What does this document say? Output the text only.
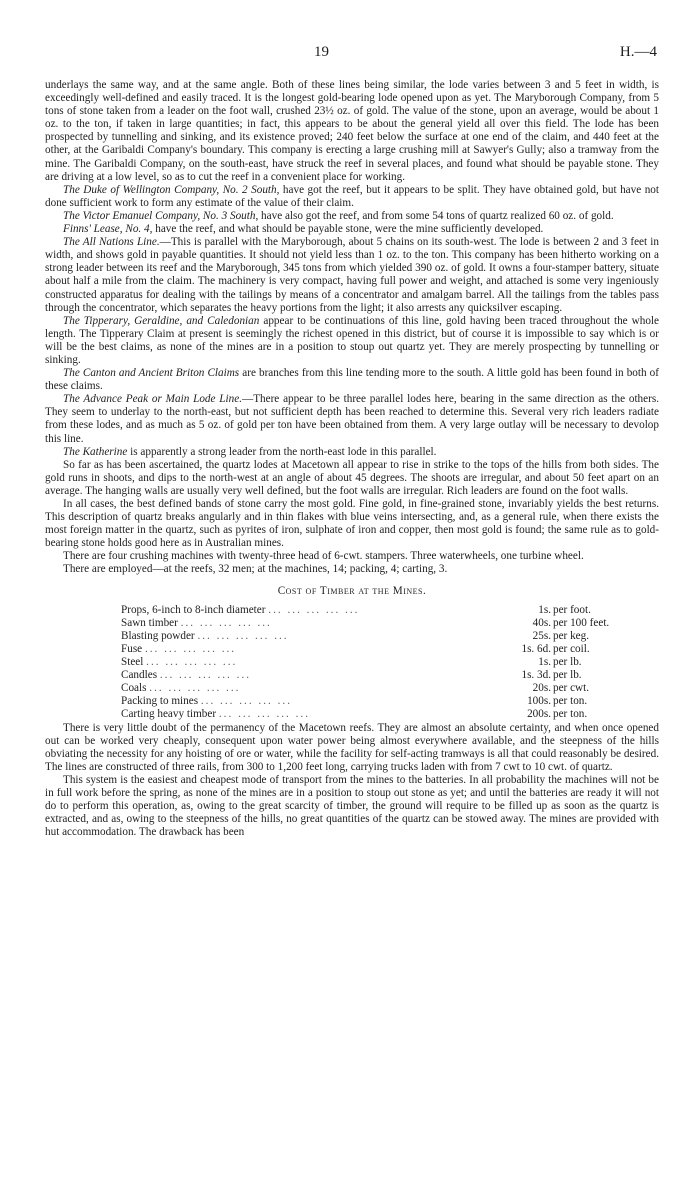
19	H.—4

underlays the same way, and at the same angle. Both of these lines being similar, the lode varies between 3 and 5 feet in width, is exceedingly well-defined and easily traced. It is the longest gold-bearing lode opened upon as yet. The Maryborough Company, from 5 tons of stone taken from a leader on the foot wall, crushed 23½ oz. of gold. The value of the stone, upon an average, would be about 1 oz. to the ton, if taken in large quantities; in fact, this appears to be about the general yield all over this field. The lode has been prospected by tunnelling and sinking, and its existence proved; 240 feet below the surface at one end of the claim, and 440 feet at the other, at the Garibaldi Company's boundary. This company is erecting a large crushing mill at Sawyer's Gully; also a tramway from the mine. The Garibaldi Company, on the south-east, have struck the reef in several places, and found what should be payable stone. They are driving at a low level, so as to cut the reef in a convenient place for working.

The Duke of Wellington Company, No. 2 South, have got the reef, but it appears to be split. They have obtained gold, but have not done sufficient work to form any estimate of the value of their claim.

The Victor Emanuel Company, No. 3 South, have also got the reef, and from some 54 tons of quartz realized 60 oz. of gold.

Finns' Lease, No. 4, have the reef, and what should be payable stone, were the mine sufficiently developed.

The All Nations Line.—This is parallel with the Maryborough, about 5 chains on its south-west. The lode is between 2 and 3 feet in width, and shows gold in payable quantities. It should not yield less than 1 oz. to the ton. This company has been hitherto working on a strong leader between its reef and the Maryborough, 345 tons from which yielded 390 oz. of gold. It owns a four-stamper battery, situate about half a mile from the claim. The machinery is very compact, having full power and weight, and attached is some very ingeniously constructed apparatus for dealing with the tailings by means of a concentrator and amalgam barrel. All the tailings from the tables pass through the concentrator, which separates the heavy portions from the light; it also arrests any quicksilver escaping.

The Tipperary, Geraldine, and Caledonian appear to be continuations of this line, gold having been traced throughout the whole length. The Tipperary Claim at present is seemingly the richest opened in this district, but of course it is impossible to say which is or will be the best claims, as none of the mines are in a position to stoup out quartz yet. They are merely prospecting by tunnelling or sinking.

The Canton and Ancient Briton Claims are branches from this line tending more to the south. A little gold has been found in both of these claims.

The Advance Peak or Main Lode Line.—There appear to be three parallel lodes here, bearing in the same direction as the others. They seem to underlay to the north-east, but not sufficient depth has been reached to determine this. Several very rich leaders radiate from these lodes, and as much as 5 oz. of gold per ton have been obtained from them. A very large outlay will be necessary to devolop this line.

The Katherine is apparently a strong leader from the north-east lode in this parallel.

So far as has been ascertained, the quartz lodes at Macetown all appear to rise in strike to the tops of the hills from both sides. The gold runs in shoots, and dips to the north-west at an angle of about 45 degrees. The shoots are irregular, and about 50 feet apart on an average. The hanging walls are usually very well defined, but the foot walls are irregular. Rich leaders are found on the foot walls.

In all cases, the best defined bands of stone carry the most gold. Fine gold, in fine-grained stone, invariably yields the best returns. This description of quartz breaks angularly and in thin flakes with blue veins intersecting, and, as a general rule, when there exists the most foreign matter in the quartz, such as pyrites of iron, sulphate of iron and copper, then most gold is found; the same rule as to gold-bearing stone holds good here as in Australian mines.

There are four crushing machines with twenty-three head of 6-cwt. stampers. Three waterwheels, one turbine wheel.

There are employed—at the reefs, 32 men; at the machines, 14; packing, 4; carting, 3.

Cost of Timber at the Mines.
Props, 6-inch to 8-inch diameter ... ... ... ... ...	1s. per foot.
Sawn timber ... ... ... ... ...	40s. per 100 feet.
Blasting powder ... ... ... ... ...	25s. per keg.
Fuse ... ... ... ... ...	1s. 6d. per coil.
Steel ... ... ... ... ...	1s. per lb.
Candles ... ... ... ... ...	1s. 3d. per lb.
Coals ... ... ... ... ...	20s. per cwt.
Packing to mines ... ... ... ... ...	100s. per ton.
Carting heavy timber ... ... ... ... ...	200s. per ton.

There is very little doubt of the permanency of the Macetown reefs. They are almost an absolute certainty, and when once opened out can be worked very cheaply, consequent upon water power being almost everywhere available, and the steepness of the hills obviating the necessity for any hoisting of ore or water, while the facility for self-acting tramways is all that could reasonably be desired. The lines are constructed of three rails, from 300 to 1,200 feet long, carrying trucks laden with from 7 cwt to 10 cwt. of quartz.

This system is the easiest and cheapest mode of transport from the mines to the batteries. In all probability the machines will not be in full work before the spring, as none of the mines are in a position to stoup out stone as yet; and until the batteries are ready it will not do to perform this operation, as, owing to the great scarcity of timber, the ground will require to be filled up as soon as the quartz is extracted, and as, owing to the steepness of the hills, no great quantities of the quartz can be stowed away. The mines are provided with hut accommodation. The drawback has been
